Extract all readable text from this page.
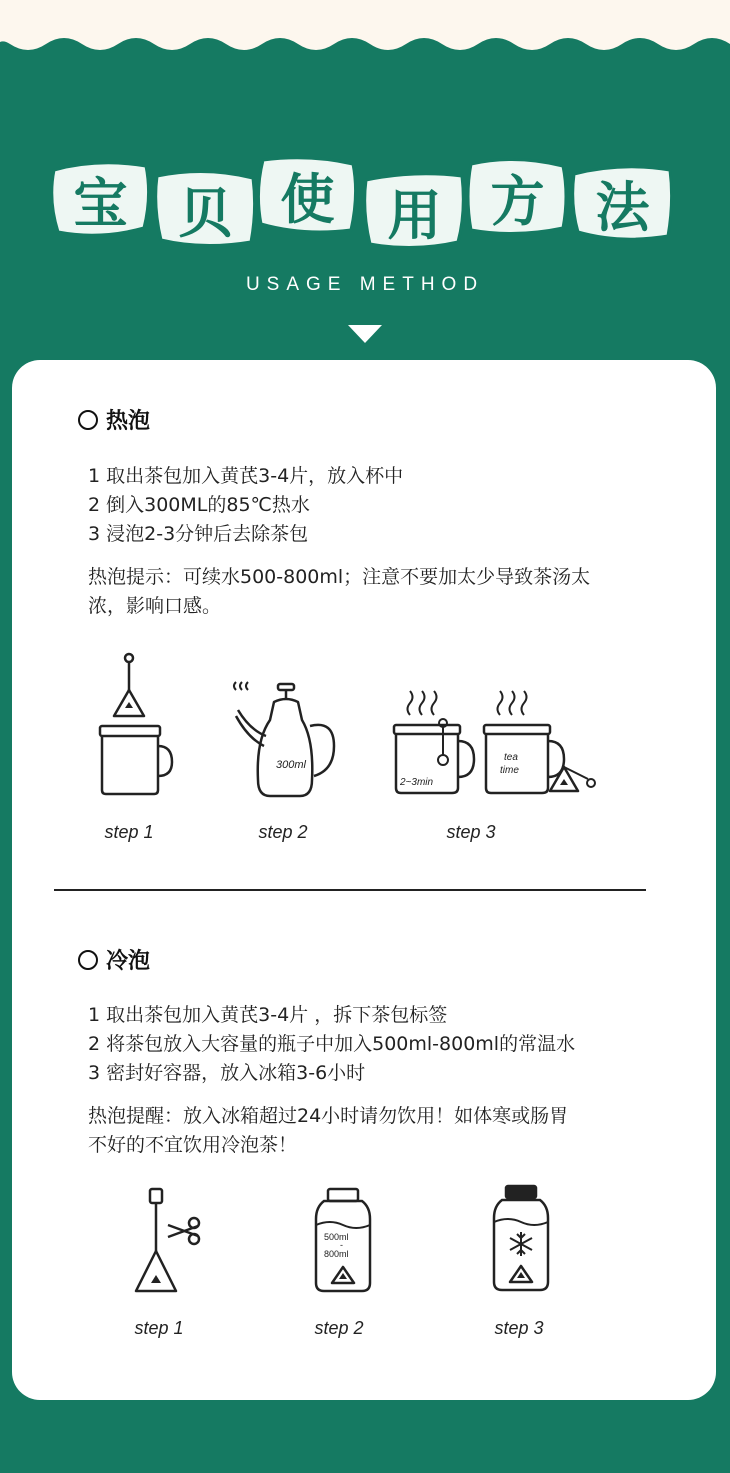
宝 贝 使 用 方 法
USAGE METHOD
热泡
1 取出茶包加入黄芪3-4片，放入杯中
2 倒入300ML的85℃热水
3 浸泡2-3分钟后去除茶包
热泡提示：可续水500-800ml；注意不要加太少导致茶汤太
浓，影响口感。
300ml
2~3min
tea
time
step 1	step 2	step 3
冷泡
1 取出茶包加入黄芪3-4片 ，拆下茶包标签
2 将茶包放入大容量的瓶子中加入500ml-800ml的常温水
3 密封好容器，放入冰箱3-6小时
热泡提醒：放入冰箱超过24小时请勿饮用！如体寒或肠胃
不好的不宜饮用冷泡茶！
500ml
-
800ml
step 1	step 2	step 3
